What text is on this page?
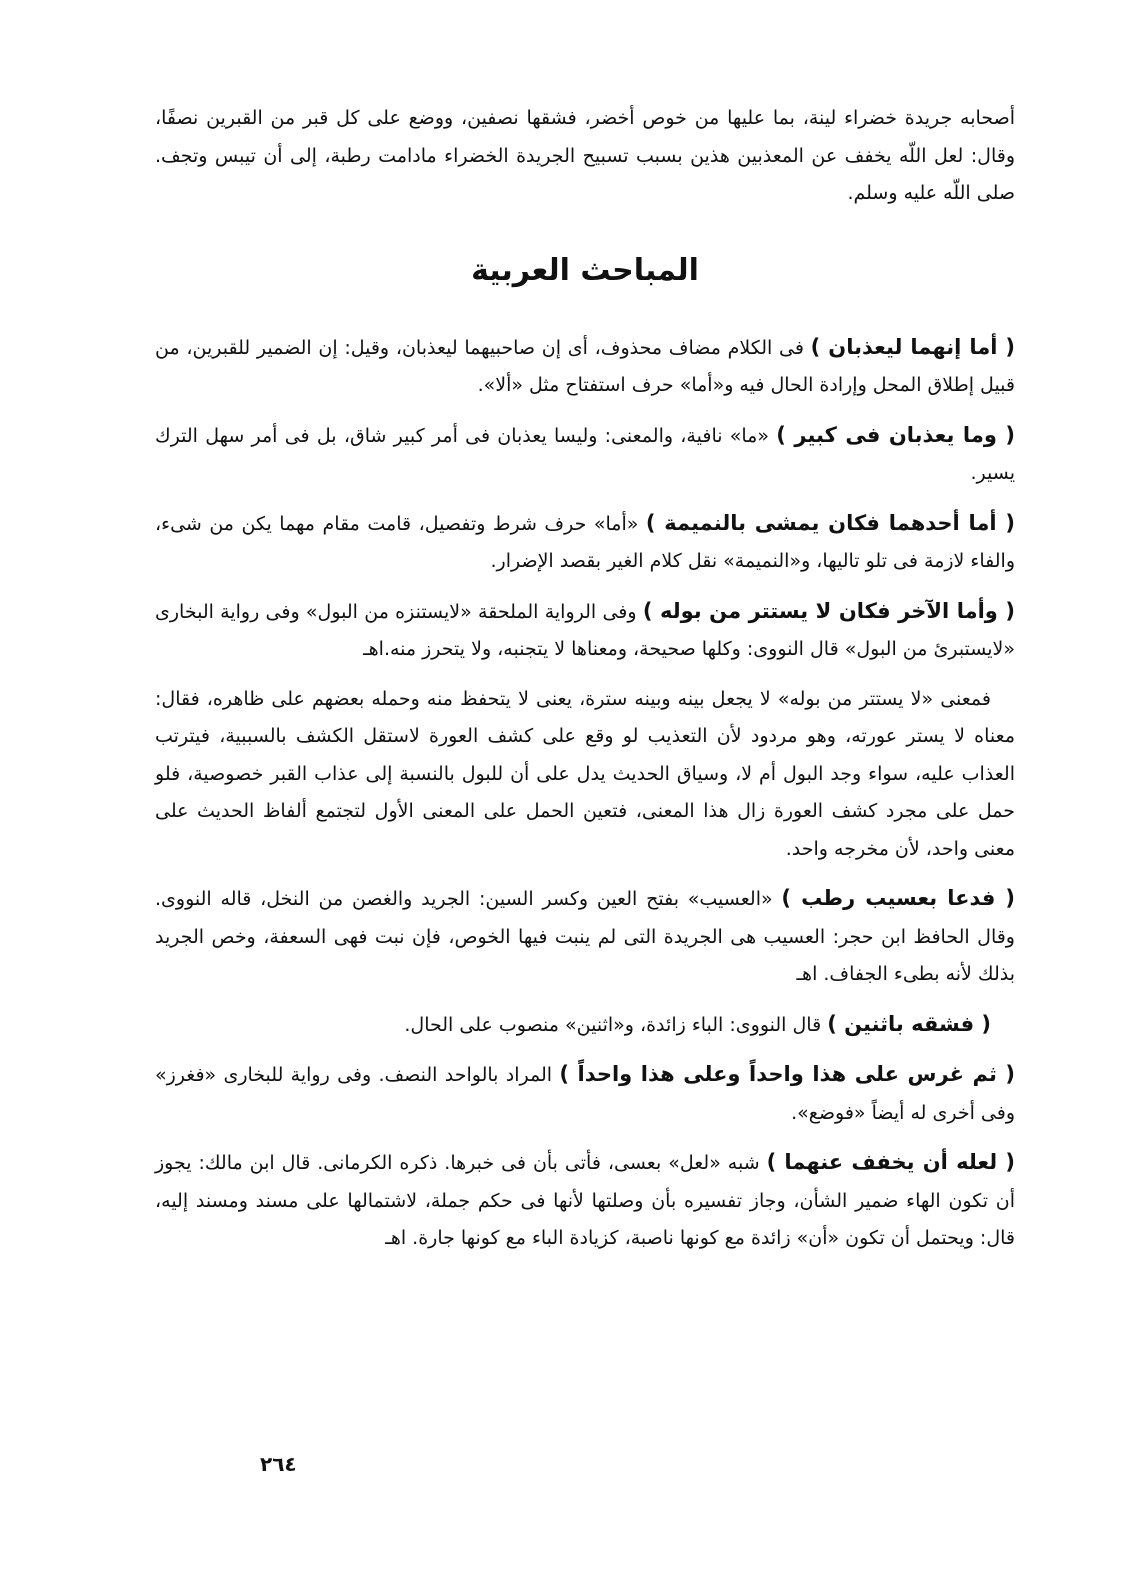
أصحابه جريدة خضراء لينة، بما عليها من خوص أخضر، فشقها نصفين، ووضع على كل قبر من القبرين نصفًا، وقال: لعل اللّه يخفف عن المعذبين هذين بسبب تسبيح الجريدة الخضراء مادامت رطبة، إلى أن تيبس وتجف. صلى اللّه عليه وسلم.

المباحث العربية

( أما إنهما ليعذبان ) فى الكلام مضاف محذوف، أى إن صاحبيهما ليعذبان، وقيل: إن الضمير للقبرين، من قبيل إطلاق المحل وإرادة الحال فيه و«أما» حرف استفتاح مثل «ألا».

( وما يعذبان فى كبير ) «ما» نافية، والمعنى: وليسا يعذبان فى أمر كبير شاق، بل فى أمر سهل الترك يسير.

( أما أحدهما فكان يمشى بالنميمة ) «أما» حرف شرط وتفصيل، قامت مقام مهما يكن من شىء، والفاء لازمة فى تلو تاليها، و«النميمة» نقل كلام الغير بقصد الإضرار.

( وأما الآخر فكان لا يستتر من بوله ) وفى الرواية الملحقة «لايستنزه من البول» وفى رواية البخارى «لايستبرئ من البول» قال النووى: وكلها صحيحة، ومعناها لا يتجنبه، ولا يتحرز منه.اهـ

فمعنى «لا يستتر من بوله» لا يجعل بينه وبينه سترة، يعنى لا يتحفظ منه وحمله بعضهم على ظاهره، فقال: معناه لا يستر عورته، وهو مردود لأن التعذيب لو وقع على كشف العورة لاستقل الكشف بالسببية، فيترتب العذاب عليه، سواء وجد البول أم لا، وسياق الحديث يدل على أن للبول بالنسبة إلى عذاب القبر خصوصية، فلو حمل على مجرد كشف العورة زال هذا المعنى، فتعين الحمل على المعنى الأول لتجتمع ألفاظ الحديث على معنى واحد، لأن مخرجه واحد.

( فدعا بعسيب رطب ) «العسيب» بفتح العين وكسر السين: الجريد والغصن من النخل، قاله النووى. وقال الحافظ ابن حجر: العسيب هى الجريدة التى لم ينبت فيها الخوص، فإن نبت فهى السعفة، وخص الجريد بذلك لأنه بطىء الجفاف. اهـ

( فشقه باثنين ) قال النووى: الباء زائدة، و«اثنين» منصوب على الحال.

( ثم غرس على هذا واحداً وعلى هذا واحداً ) المراد بالواحد النصف. وفى رواية للبخارى «فغرز» وفى أخرى له أيضاً «فوضع».

( لعله أن يخفف عنهما ) شبه «لعل» بعسى، فأتى بأن فى خبرها. ذكره الكرمانى. قال ابن مالك: يجوز أن تكون الهاء ضمير الشأن، وجاز تفسيره بأن وصلتها لأنها فى حكم جملة، لاشتمالها على مسند ومسند إليه، قال: ويحتمل أن تكون «أن» زائدة مع كونها ناصبة، كزيادة الباء مع كونها جارة. اهـ

٢٦٤
